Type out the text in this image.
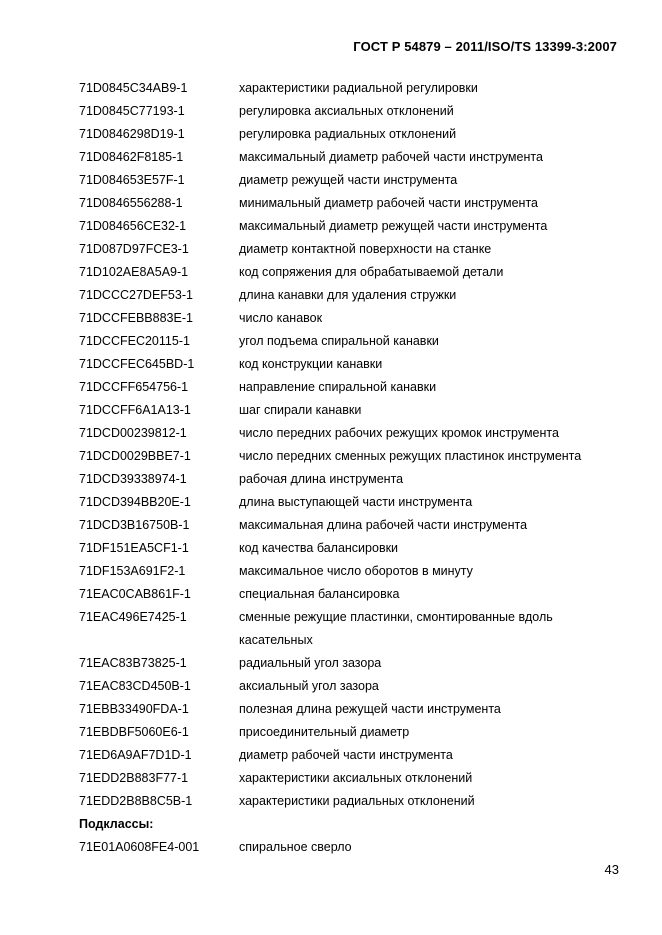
ГОСТ Р 54879 – 2011/ISO/TS 13399-3:2007
71D0845C34AB9-1	характеристики радиальной регулировки
71D0845C77193-1	регулировка аксиальных отклонений
71D0846298D19-1	регулировка радиальных отклонений
71D08462F8185-1	максимальный диаметр рабочей части инструмента
71D084653E57F-1	диаметр режущей части инструмента
71D0846556288-1	минимальный диаметр рабочей части инструмента
71D084656CE32-1	максимальный диаметр режущей части инструмента
71D087D97FCE3-1	диаметр контактной поверхности на станке
71D102AE8A5A9-1	код сопряжения для обрабатываемой детали
71DCCC27DEF53-1	длина канавки для удаления стружки
71DCCFEBB883E-1	число канавок
71DCCFEC20115-1	угол подъема спиральной канавки
71DCCFEC645BD-1	код конструкции канавки
71DCCFF654756-1	направление спиральной канавки
71DCCFF6A1A13-1	шаг спирали канавки
71DCD00239812-1	число передних рабочих режущих кромок инструмента
71DCD0029BBE7-1	число передних сменных режущих пластинок инструмента
71DCD39338974-1	рабочая длина инструмента
71DCD394BB20E-1	длина выступающей части инструмента
71DCD3B16750B-1	максимальная длина рабочей части инструмента
71DF151EA5CF1-1	код качества балансировки
71DF153A691F2-1	максимальное число оборотов в минуту
71EAC0CAB861F-1	специальная балансировка
71EAC496E7425-1	сменные режущие пластинки, смонтированные вдоль касательных
71EAC83B73825-1	радиальный угол зазора
71EAC83CD450B-1	аксиальный угол зазора
71EBB33490FDA-1	полезная длина режущей части инструмента
71EBDBF5060E6-1	присоединительный диаметр
71ED6A9AF7D1D-1	диаметр рабочей части инструмента
71EDD2B883F77-1	характеристики аксиальных отклонений
71EDD2B8B8C5B-1	характеристики радиальных отклонений
Подклассы:
71E01A0608FE4-001	спиральное сверло
43
